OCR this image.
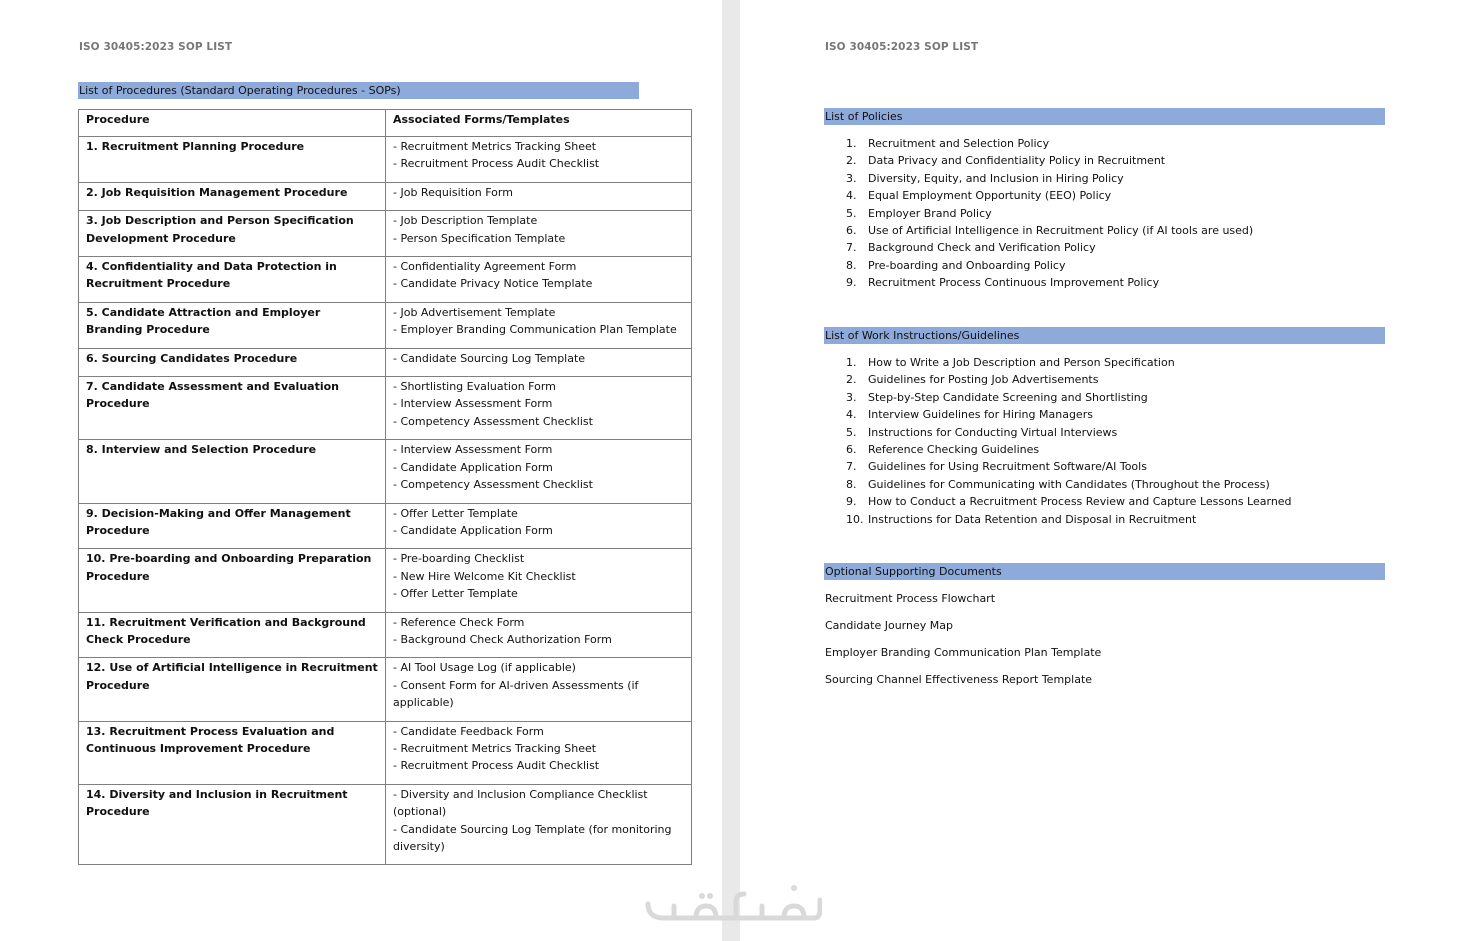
ISO 30405:2023 SOP LIST
List of Procedures (Standard Operating Procedures - SOPs)
Procedure	Associated Forms/Templates
1. Recruitment Planning Procedure	- Recruitment Metrics Tracking Sheet
- Recruitment Process Audit Checklist

2. Job Requisition Management Procedure	- Job Requisition Form

3. Job Description and Person Specification Development Procedure	- Job Description Template
- Person Specification Template

4. Confidentiality and Data Protection in Recruitment Procedure	- Confidentiality Agreement Form
- Candidate Privacy Notice Template

5. Candidate Attraction and Employer Branding Procedure	- Job Advertisement Template
- Employer Branding Communication Plan Template

6. Sourcing Candidates Procedure	- Candidate Sourcing Log Template

7. Candidate Assessment and Evaluation Procedure	- Shortlisting Evaluation Form
- Interview Assessment Form
- Competency Assessment Checklist

8. Interview and Selection Procedure	- Interview Assessment Form
- Candidate Application Form
- Competency Assessment Checklist

9. Decision-Making and Offer Management Procedure	- Offer Letter Template
- Candidate Application Form

10. Pre-boarding and Onboarding Preparation Procedure	- Pre-boarding Checklist
- New Hire Welcome Kit Checklist
- Offer Letter Template

11. Recruitment Verification and Background Check Procedure	- Reference Check Form
- Background Check Authorization Form

12. Use of Artificial Intelligence in Recruitment Procedure	- AI Tool Usage Log (if applicable)
- Consent Form for AI-driven Assessments (if applicable)

13. Recruitment Process Evaluation and Continuous Improvement Procedure	- Candidate Feedback Form
- Recruitment Metrics Tracking Sheet
- Recruitment Process Audit Checklist

14. Diversity and Inclusion in Recruitment Procedure	- Diversity and Inclusion Compliance Checklist (optional)
- Candidate Sourcing Log Template (for monitoring diversity)
ISO 30405:2023 SOP LIST
List of Policies
1. Recruitment and Selection Policy
2. Data Privacy and Confidentiality Policy in Recruitment
3. Diversity, Equity, and Inclusion in Hiring Policy
4. Equal Employment Opportunity (EEO) Policy
5. Employer Brand Policy
6. Use of Artificial Intelligence in Recruitment Policy (if AI tools are used)
7. Background Check and Verification Policy
8. Pre-boarding and Onboarding Policy
9. Recruitment Process Continuous Improvement Policy
List of Work Instructions/Guidelines
1. How to Write a Job Description and Person Specification
2. Guidelines for Posting Job Advertisements
3. Step-by-Step Candidate Screening and Shortlisting
4. Interview Guidelines for Hiring Managers
5. Instructions for Conducting Virtual Interviews
6. Reference Checking Guidelines
7. Guidelines for Using Recruitment Software/AI Tools
8. Guidelines for Communicating with Candidates (Throughout the Process)
9. How to Conduct a Recruitment Process Review and Capture Lessons Learned
10. Instructions for Data Retention and Disposal in Recruitment
Optional Supporting Documents
Recruitment Process Flowchart
Candidate Journey Map
Employer Branding Communication Plan Template
Sourcing Channel Effectiveness Report Template
